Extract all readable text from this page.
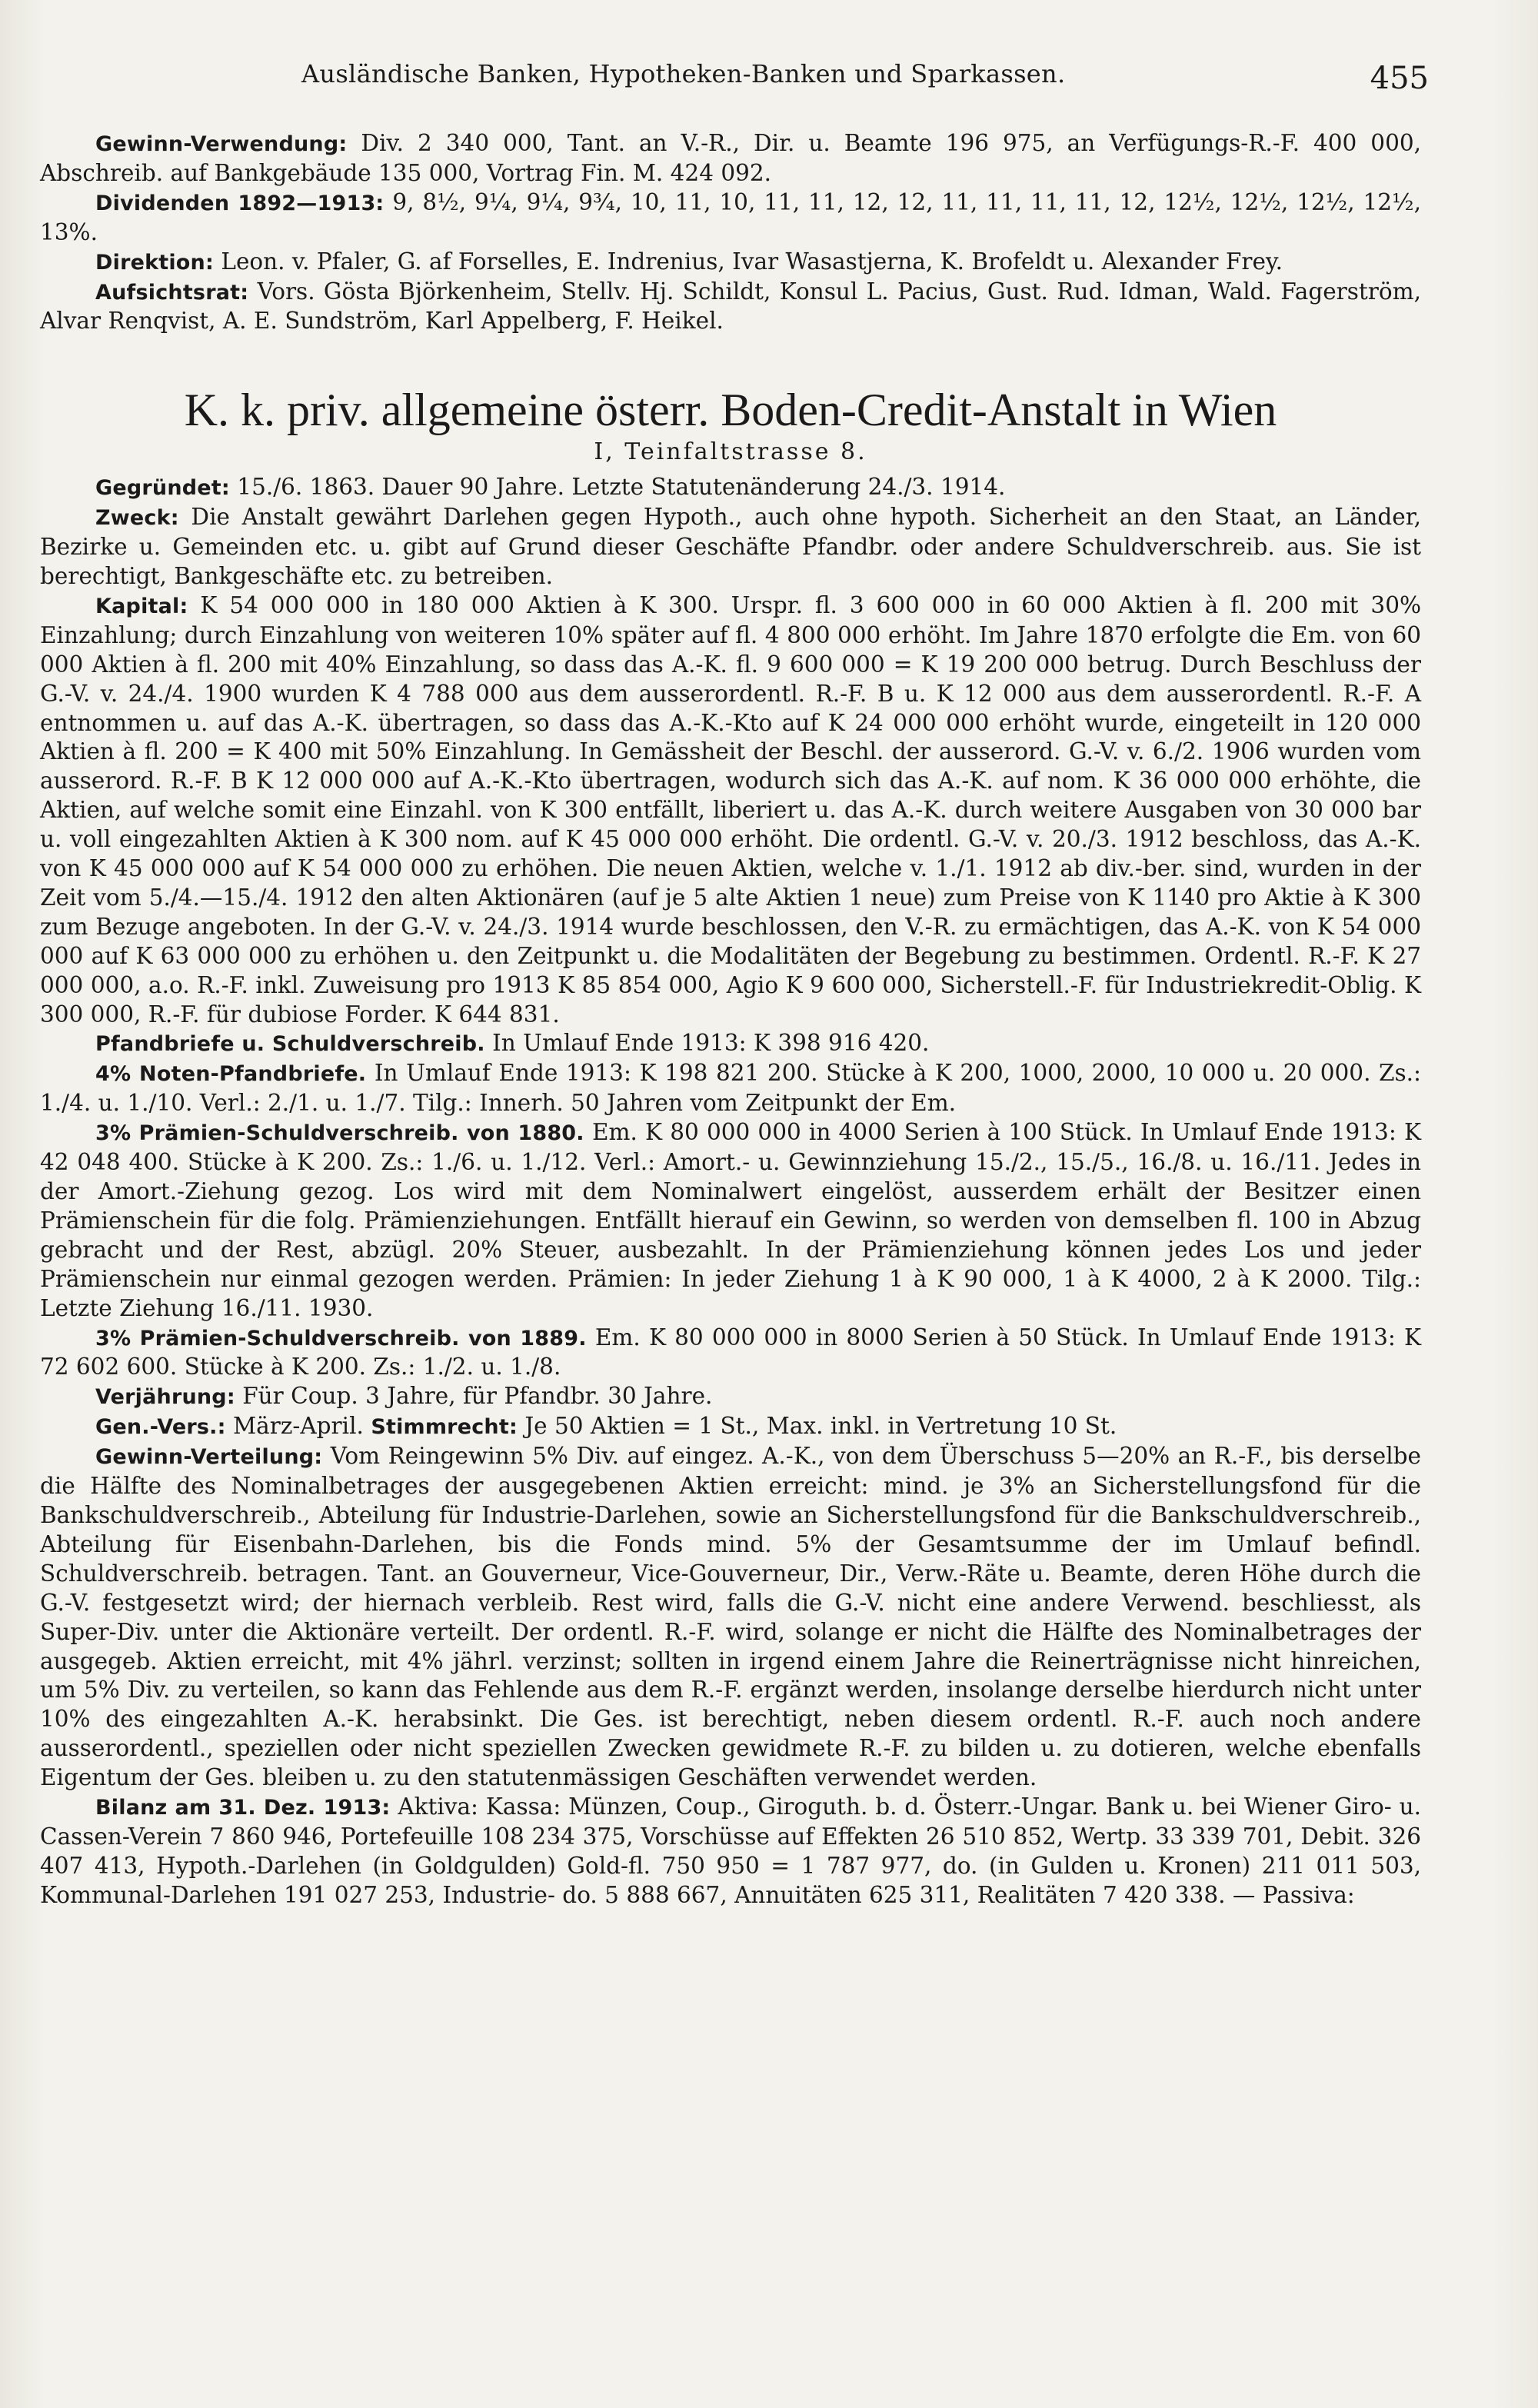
Ausländische Banken, Hypotheken-Banken und Sparkassen.	455

Gewinn-Verwendung: Div. 2 340 000, Tant. an V.-R., Dir. u. Beamte 196 975, an Verfügungs-R.-F. 400 000, Abschreib. auf Bankgebäude 135 000, Vortrag Fin. M. 424 092.

Dividenden 1892—1913: 9, 8½, 9¼, 9¼, 9¾, 10, 11, 10, 11, 11, 12, 12, 11, 11, 11, 11, 12, 12½, 12½, 12½, 12½, 13%.

Direktion: Leon. v. Pfaler, G. af Forselles, E. Indrenius, Ivar Wasastjerna, K. Brofeldt u. Alexander Frey.

Aufsichtsrat: Vors. Gösta Björkenheim, Stellv. Hj. Schildt, Konsul L. Pacius, Gust. Rud. Idman, Wald. Fagerström, Alvar Renqvist, A. E. Sundström, Karl Appelberg, F. Heikel.

K. k. priv. allgemeine österr. Boden-Credit-Anstalt in Wien
I, Teinfaltstrasse 8.

Gegründet: 15./6. 1863. Dauer 90 Jahre. Letzte Statutenänderung 24./3. 1914.

Zweck: Die Anstalt gewährt Darlehen gegen Hypoth., auch ohne hypoth. Sicherheit an den Staat, an Länder, Bezirke u. Gemeinden etc. u. gibt auf Grund dieser Geschäfte Pfandbr. oder andere Schuldverschreib. aus. Sie ist berechtigt, Bankgeschäfte etc. zu betreiben.

Kapital: K 54 000 000 in 180 000 Aktien à K 300. Urspr. fl. 3 600 000 in 60 000 Aktien à fl. 200 mit 30% Einzahlung; durch Einzahlung von weiteren 10% später auf fl. 4 800 000 erhöht. Im Jahre 1870 erfolgte die Em. von 60 000 Aktien à fl. 200 mit 40% Einzahlung, so dass das A.-K. fl. 9 600 000 = K 19 200 000 betrug. Durch Beschluss der G.-V. v. 24./4. 1900 wurden K 4 788 000 aus dem ausserordentl. R.-F. B u. K 12 000 aus dem ausserordentl. R.-F. A entnommen u. auf das A.-K. übertragen, so dass das A.-K.-Kto auf K 24 000 000 erhöht wurde, eingeteilt in 120 000 Aktien à fl. 200 = K 400 mit 50% Einzahlung. In Gemässheit der Beschl. der ausserord. G.-V. v. 6./2. 1906 wurden vom ausserord. R.-F. B K 12 000 000 auf A.-K.-Kto übertragen, wodurch sich das A.-K. auf nom. K 36 000 000 erhöhte, die Aktien, auf welche somit eine Einzahl. von K 300 entfällt, liberiert u. das A.-K. durch weitere Ausgaben von 30 000 bar u. voll eingezahlten Aktien à K 300 nom. auf K 45 000 000 erhöht. Die ordentl. G.-V. v. 20./3. 1912 beschloss, das A.-K. von K 45 000 000 auf K 54 000 000 zu erhöhen. Die neuen Aktien, welche v. 1./1. 1912 ab div.-ber. sind, wurden in der Zeit vom 5./4.—15./4. 1912 den alten Aktionären (auf je 5 alte Aktien 1 neue) zum Preise von K 1140 pro Aktie à K 300 zum Bezuge angeboten. In der G.-V. v. 24./3. 1914 wurde beschlossen, den V.-R. zu ermächtigen, das A.-K. von K 54 000 000 auf K 63 000 000 zu erhöhen u. den Zeitpunkt u. die Modalitäten der Begebung zu bestimmen. Ordentl. R.-F. K 27 000 000, a.o. R.-F. inkl. Zuweisung pro 1913 K 85 854 000, Agio K 9 600 000, Sicherstell.-F. für Industriekredit-Oblig. K 300 000, R.-F. für dubiose Forder. K 644 831.

Pfandbriefe u. Schuldverschreib. In Umlauf Ende 1913: K 398 916 420.

4% Noten-Pfandbriefe. In Umlauf Ende 1913: K 198 821 200. Stücke à K 200, 1000, 2000, 10 000 u. 20 000. Zs.: 1./4. u. 1./10. Verl.: 2./1. u. 1./7. Tilg.: Innerh. 50 Jahren vom Zeitpunkt der Em.

3% Prämien-Schuldverschreib. von 1880. Em. K 80 000 000 in 4000 Serien à 100 Stück. In Umlauf Ende 1913: K 42 048 400. Stücke à K 200. Zs.: 1./6. u. 1./12. Verl.: Amort.- u. Gewinnziehung 15./2., 15./5., 16./8. u. 16./11. Jedes in der Amort.-Ziehung gezog. Los wird mit dem Nominalwert eingelöst, ausserdem erhält der Besitzer einen Prämienschein für die folg. Prämienziehungen. Entfällt hierauf ein Gewinn, so werden von demselben fl. 100 in Abzug gebracht und der Rest, abzügl. 20% Steuer, ausbezahlt. In der Prämienziehung können jedes Los und jeder Prämienschein nur einmal gezogen werden. Prämien: In jeder Ziehung 1 à K 90 000, 1 à K 4000, 2 à K 2000. Tilg.: Letzte Ziehung 16./11. 1930.

3% Prämien-Schuldverschreib. von 1889. Em. K 80 000 000 in 8000 Serien à 50 Stück. In Umlauf Ende 1913: K 72 602 600. Stücke à K 200. Zs.: 1./2. u. 1./8.

Verjährung: Für Coup. 3 Jahre, für Pfandbr. 30 Jahre.

Gen.-Vers.: März-April. Stimmrecht: Je 50 Aktien = 1 St., Max. inkl. in Vertretung 10 St.

Gewinn-Verteilung: Vom Reingewinn 5% Div. auf eingez. A.-K., von dem Überschuss 5—20% an R.-F., bis derselbe die Hälfte des Nominalbetrages der ausgegebenen Aktien erreicht: mind. je 3% an Sicherstellungsfond für die Bankschuldverschreib., Abteilung für Industrie-Darlehen, sowie an Sicherstellungsfond für die Bankschuldverschreib., Abteilung für Eisenbahn-Darlehen, bis die Fonds mind. 5% der Gesamtsumme der im Umlauf befindl. Schuldverschreib. betragen. Tant. an Gouverneur, Vice-Gouverneur, Dir., Verw.-Räte u. Beamte, deren Höhe durch die G.-V. festgesetzt wird; der hiernach verbleib. Rest wird, falls die G.-V. nicht eine andere Verwend. beschliesst, als Super-Div. unter die Aktionäre verteilt. Der ordentl. R.-F. wird, solange er nicht die Hälfte des Nominalbetrages der ausgegeb. Aktien erreicht, mit 4% jährl. verzinst; sollten in irgend einem Jahre die Reinerträgnisse nicht hinreichen, um 5% Div. zu verteilen, so kann das Fehlende aus dem R.-F. ergänzt werden, insolange derselbe hierdurch nicht unter 10% des eingezahlten A.-K. herabsinkt. Die Ges. ist berechtigt, neben diesem ordentl. R.-F. auch noch andere ausserordentl., speziellen oder nicht speziellen Zwecken gewidmete R.-F. zu bilden u. zu dotieren, welche ebenfalls Eigentum der Ges. bleiben u. zu den statutenmässigen Geschäften verwendet werden.

Bilanz am 31. Dez. 1913: Aktiva: Kassa: Münzen, Coup., Giroguth. b. d. Österr.-Ungar. Bank u. bei Wiener Giro- u. Cassen-Verein 7 860 946, Portefeuille 108 234 375, Vorschüsse auf Effekten 26 510 852, Wertp. 33 339 701, Debit. 326 407 413, Hypoth.-Darlehen (in Goldgulden) Gold-fl. 750 950 = 1 787 977, do. (in Gulden u. Kronen) 211 011 503, Kommunal-Darlehen 191 027 253, Industrie- do. 5 888 667, Annuitäten 625 311, Realitäten 7 420 338. — Passiva:
